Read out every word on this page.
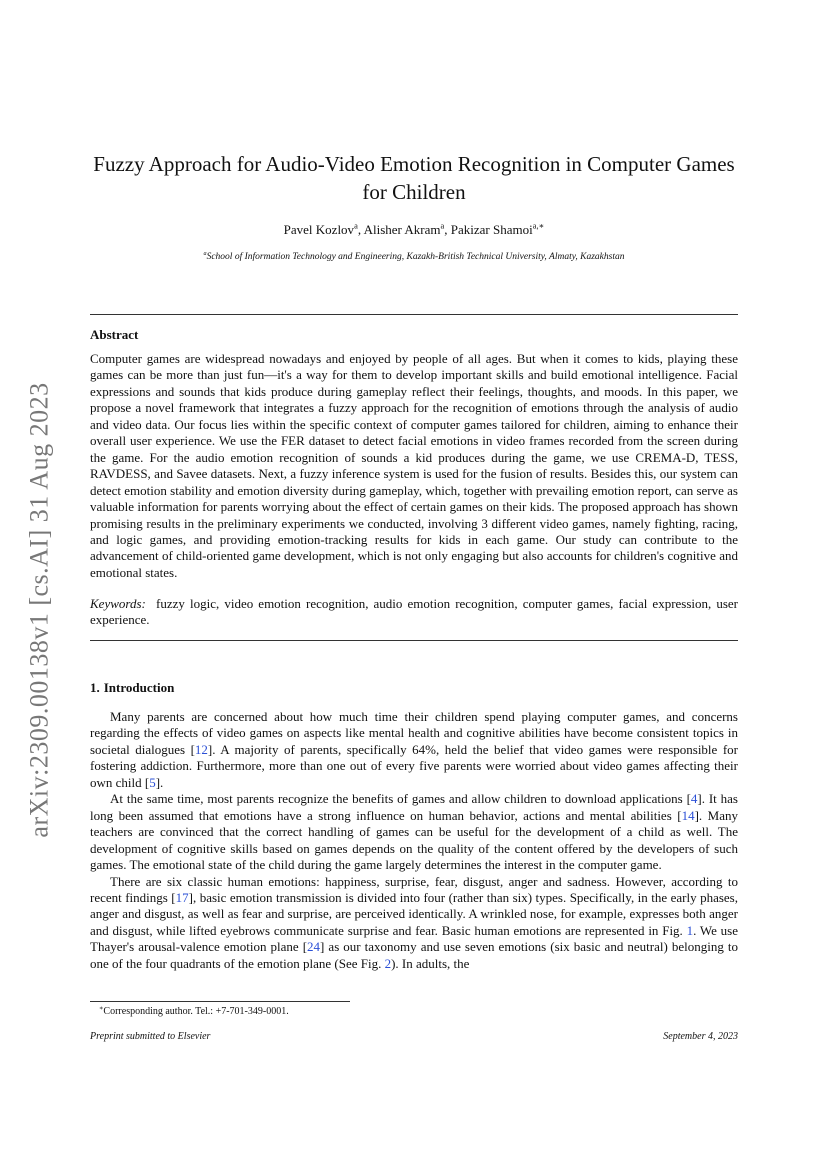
arXiv:2309.00138v1 [cs.AI] 31 Aug 2023
Fuzzy Approach for Audio-Video Emotion Recognition in Computer Games for Children
Pavel Kozlov$^a$, Alisher Akram$^a$, Pakizar Shamoi$^{a,∗}$
$^a$School of Information Technology and Engineering, Kazakh-British Technical University, Almaty, Kazakhstan
Abstract

Computer games are widespread nowadays and enjoyed by people of all ages. But when it comes to kids, playing these games can be more than just fun—it's a way for them to develop important skills and build emotional intelligence. Facial expressions and sounds that kids produce during gameplay reflect their feelings, thoughts, and moods. In this paper, we propose a novel framework that integrates a fuzzy approach for the recognition of emotions through the analysis of audio and video data. Our focus lies within the specific context of computer games tailored for children, aiming to enhance their overall user experience. We use the FER dataset to detect facial emotions in video frames recorded from the screen during the game. For the audio emotion recognition of sounds a kid produces during the game, we use CREMA-D, TESS, RAVDESS, and Savee datasets. Next, a fuzzy inference system is used for the fusion of results. Besides this, our system can detect emotion stability and emotion diversity during gameplay, which, together with prevailing emotion report, can serve as valuable information for parents worrying about the effect of certain games on their kids. The proposed approach has shown promising results in the preliminary experiments we conducted, involving 3 different video games, namely fighting, racing, and logic games, and providing emotion-tracking results for kids in each game. Our study can contribute to the advancement of child-oriented game development, which is not only engaging but also accounts for children's cognitive and emotional states.

Keywords: fuzzy logic, video emotion recognition, audio emotion recognition, computer games, facial expression, user experience.

1. Introduction

Many parents are concerned about how much time their children spend playing computer games, and concerns regarding the effects of video games on aspects like mental health and cognitive abilities have become consistent topics in societal dialogues [12]. A majority of parents, specifically 64%, held the belief that video games were responsible for fostering addiction. Furthermore, more than one out of every five parents were worried about video games affecting their own child [5].

At the same time, most parents recognize the benefits of games and allow children to download applications [4]. It has long been assumed that emotions have a strong influence on human behavior, actions and mental abilities [14]. Many teachers are convinced that the correct handling of games can be useful for the development of a child as well. The development of cognitive skills based on games depends on the quality of the content offered by the developers of such games. The emotional state of the child during the game largely determines the interest in the computer game.

There are six classic human emotions: happiness, surprise, fear, disgust, anger and sadness. However, according to recent findings [17], basic emotion transmission is divided into four (rather than six) types. Specifically, in the early phases, anger and disgust, as well as fear and surprise, are perceived identically. A wrinkled nose, for example, expresses both anger and disgust, while lifted eyebrows communicate surprise and fear. Basic human emotions are represented in Fig. 1. We use Thayer's arousal-valence emotion plane [24] as our taxonomy and use seven emotions (six basic and neutral) belonging to one of the four quadrants of the emotion plane (See Fig. 2). In adults, the

∗Corresponding author. Tel.: +7-701-349-0001.
Preprint submitted to Elsevier	September 4, 2023
